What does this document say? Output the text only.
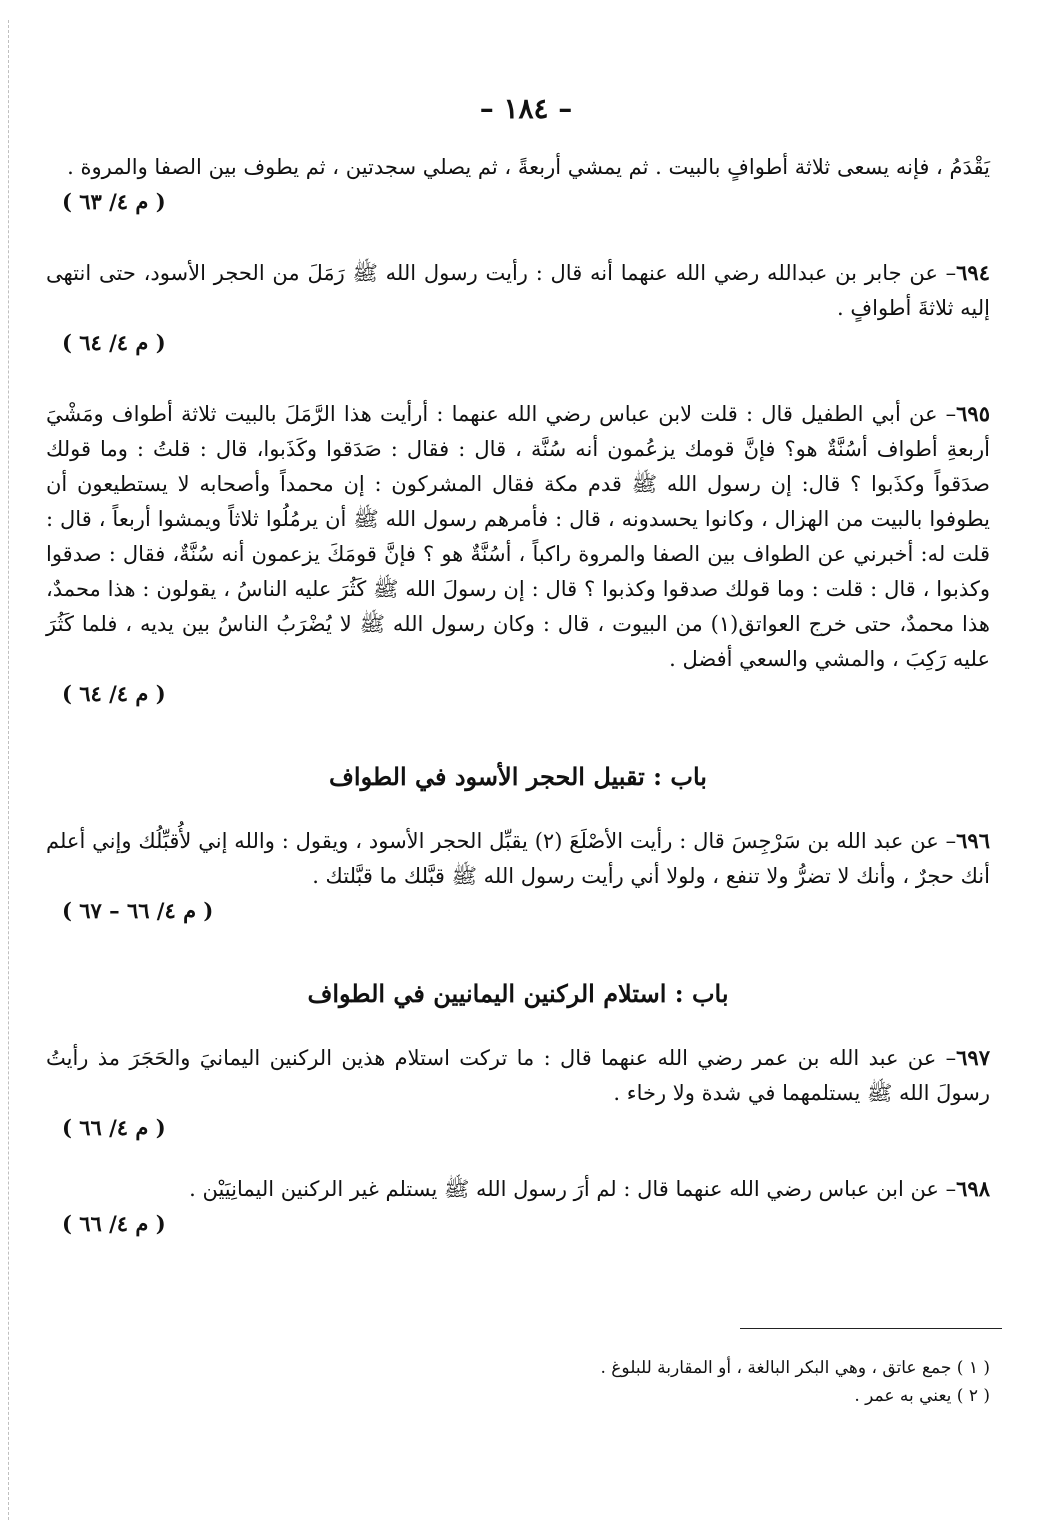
– ١٨٤ –

يَقْدَمُ ، فإنه يسعى ثلاثة أطوافٍ بالبيت . ثم يمشي أربعةً ، ثم يصلي سجدتين ، ثم يطوف بين الصفا والمروة .

( م ٤/ ٦٣ )

٦٩٤– عن جابر بن عبدالله رضي الله عنهما أنه قال : رأيت رسول الله ﷺ رَمَلَ من الحجر الأسود، حتى انتهى إليه ثلاثةَ أطوافٍ .

( م ٤/ ٦٤ )

٦٩٥– عن أبي الطفيل قال : قلت لابن عباس رضي الله عنهما : أرأيت هذا الرَّمَلَ بالبيت ثلاثة أطواف ومَشْيَ أربعةِ أطواف أسُنَّةٌ هو؟ فإنَّ قومك يزعُمون أنه سُنَّة ، قال : فقال : صَدَقوا وكَذَبوا، قال : قلتُ : وما قولك صدَقواً وكذَبوا ؟ قال: إن رسول الله ﷺ قدم مكة فقال المشركون : إن محمداً وأصحابه لا يستطيعون أن يطوفوا بالبيت من الهزال ، وكانوا يحسدونه ، قال : فأمرهم رسول الله ﷺ أن يرمُلُوا ثلاثاً ويمشوا أربعاً ، قال : قلت له: أخبرني عن الطواف بين الصفا والمروة راكباً ، أسُنَّةٌ هو ؟ فإنَّ قومَكَ يزعمون أنه سُنَّةٌ، فقال : صدقوا وكذبوا ، قال : قلت : وما قولك صدقوا وكذبوا ؟ قال : إن رسولَ الله ﷺ كَثُرَ عليه الناسُ ، يقولون : هذا محمدٌ، هذا محمدٌ، حتى خرج العواتق(١) من البيوت ، قال : وكان رسول الله ﷺ لا يُضْرَبُ الناسُ بين يديه ، فلما كَثُرَ عليه رَكِبَ ، والمشي والسعي أفضل .

( م ٤/ ٦٤ )

باب : تقبيل الحجر الأسود في الطواف

٦٩٦– عن عبد الله بن سَرْجِسَ قال : رأيت الأصْلَعَ (٢) يقبِّل الحجر الأسود ، ويقول : والله إني لأُقبِّلُك وإني أعلم أنك حجرٌ ، وأنك لا تضرُّ ولا تنفع ، ولولا أني رأيت رسول الله ﷺ قبَّلك ما قبَّلتك .

( م ٤/ ٦٦ – ٦٧ )

باب : استلام الركنين اليمانيين في الطواف

٦٩٧– عن عبد الله بن عمر رضي الله عنهما قال : ما تركت استلام هذين الركنين اليمانيَ والحَجَرَ مذ رأيتُ رسولَ الله ﷺ يستلمهما في شدة ولا رخاء .

( م ٤/ ٦٦ )

٦٩٨– عن ابن عباس رضي الله عنهما قال : لم أرَ رسول الله ﷺ يستلم غير الركنين اليمانِيَيْن .

( م ٤/ ٦٦ )

( ١ ) جمع عاتق ، وهي البكر البالغة ، أو المقاربة للبلوغ .

( ٢ ) يعني به عمر .
